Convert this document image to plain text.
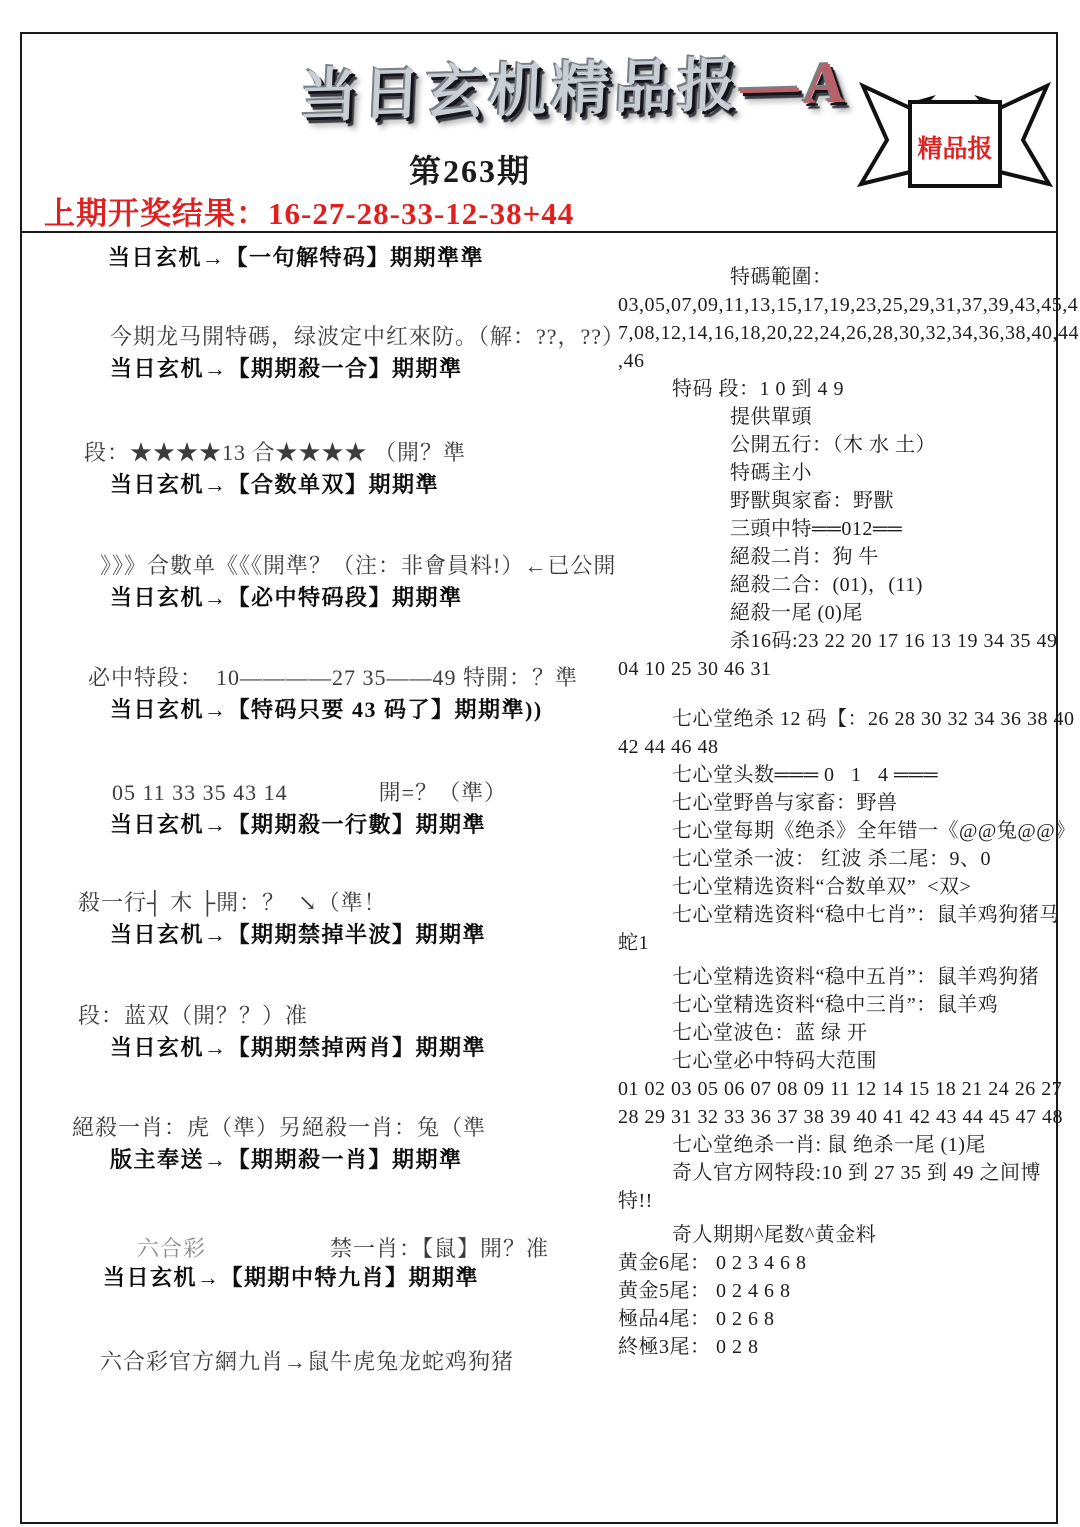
当日玄机精品报—A
精品报
第263期
上期开奖结果：16-27-28-33-12-38+44
当日玄机→【一句解特码】期期準準
今期龙马開特碼，绿波定中红來防。（解：??，??）
当日玄机→【期期殺一合】期期準
段：★★★★13 合★★★★ （開？準
当日玄机→【合数单双】期期準
》》》合數单《《《開準？（注：非會員料!）←已公開
当日玄机→【必中特码段】期期準
必中特段：  10————27 35——49 特開：？準
当日玄机→【特码只要 43 码了】期期準))
05 11 33 35 43 14              開=？（準）
当日玄机→【期期殺一行數】期期準
殺一行┤ 木 ├開：？  ↘（準！
当日玄机→【期期禁掉半波】期期準
段：蓝双（開？？）准
当日玄机→【期期禁掉两肖】期期準
絕殺一肖：虎（準）另絕殺一肖：兔（準
版主奉送→【期期殺一肖】期期準
六合彩	禁一肖：【鼠】開？准
当日玄机→【期期中特九肖】期期準
六合彩官方網九肖→鼠牛虎兔龙蛇鸡狗猪
特碼範圍：
03,05,07,09,11,13,15,17,19,23,25,29,31,37,39,43,45,4
7,08,12,14,16,18,20,22,24,26,28,30,32,34,36,38,40,44
,46
特码 段：1 0 到 4 9
提供單頭
公開五行：（木 水 土）
特碼主小
野獸與家畜：野獸
三頭中特══012══
絕殺二肖：狗 牛
絕殺二合：(01)，(11)
絕殺一尾 (0)尾
杀16码:23 22 20 17 16 13 19 34 35 49
04 10 25 30 46 31
七心堂绝杀 12 码【：26 28 30 32 34 36 38 40
42 44 46 48
七心堂头数═══ 0   1   4 ═══
七心堂野兽与家畜：野兽
七心堂每期《绝杀》全年错一《@@兔@@》
七心堂杀一波： 红波 杀二尾：9、0
七心堂精选资料“合数单双”  <双>
七心堂精选资料“稳中七肖”：鼠羊鸡狗猪马
蛇1
七心堂精选资料“稳中五肖”：鼠羊鸡狗猪
七心堂精选资料“稳中三肖”：鼠羊鸡
七心堂波色：蓝 绿 开
七心堂必中特码大范围
01 02 03 05 06 07 08 09 11 12 14 15 18 21 24 26 27
28 29 31 32 33 36 37 38 39 40 41 42 43 44 45 47 48
七心堂绝杀一肖: 鼠 绝杀一尾 (1)尾
奇人官方网特段:10 到 27 35 到 49 之间博
特!!
奇人期期^尾数^黄金料
黄金6尾： 0 2 3 4 6 8
黄金5尾： 0 2 4 6 8
極品4尾： 0 2 6 8
終極3尾： 0 2 8
